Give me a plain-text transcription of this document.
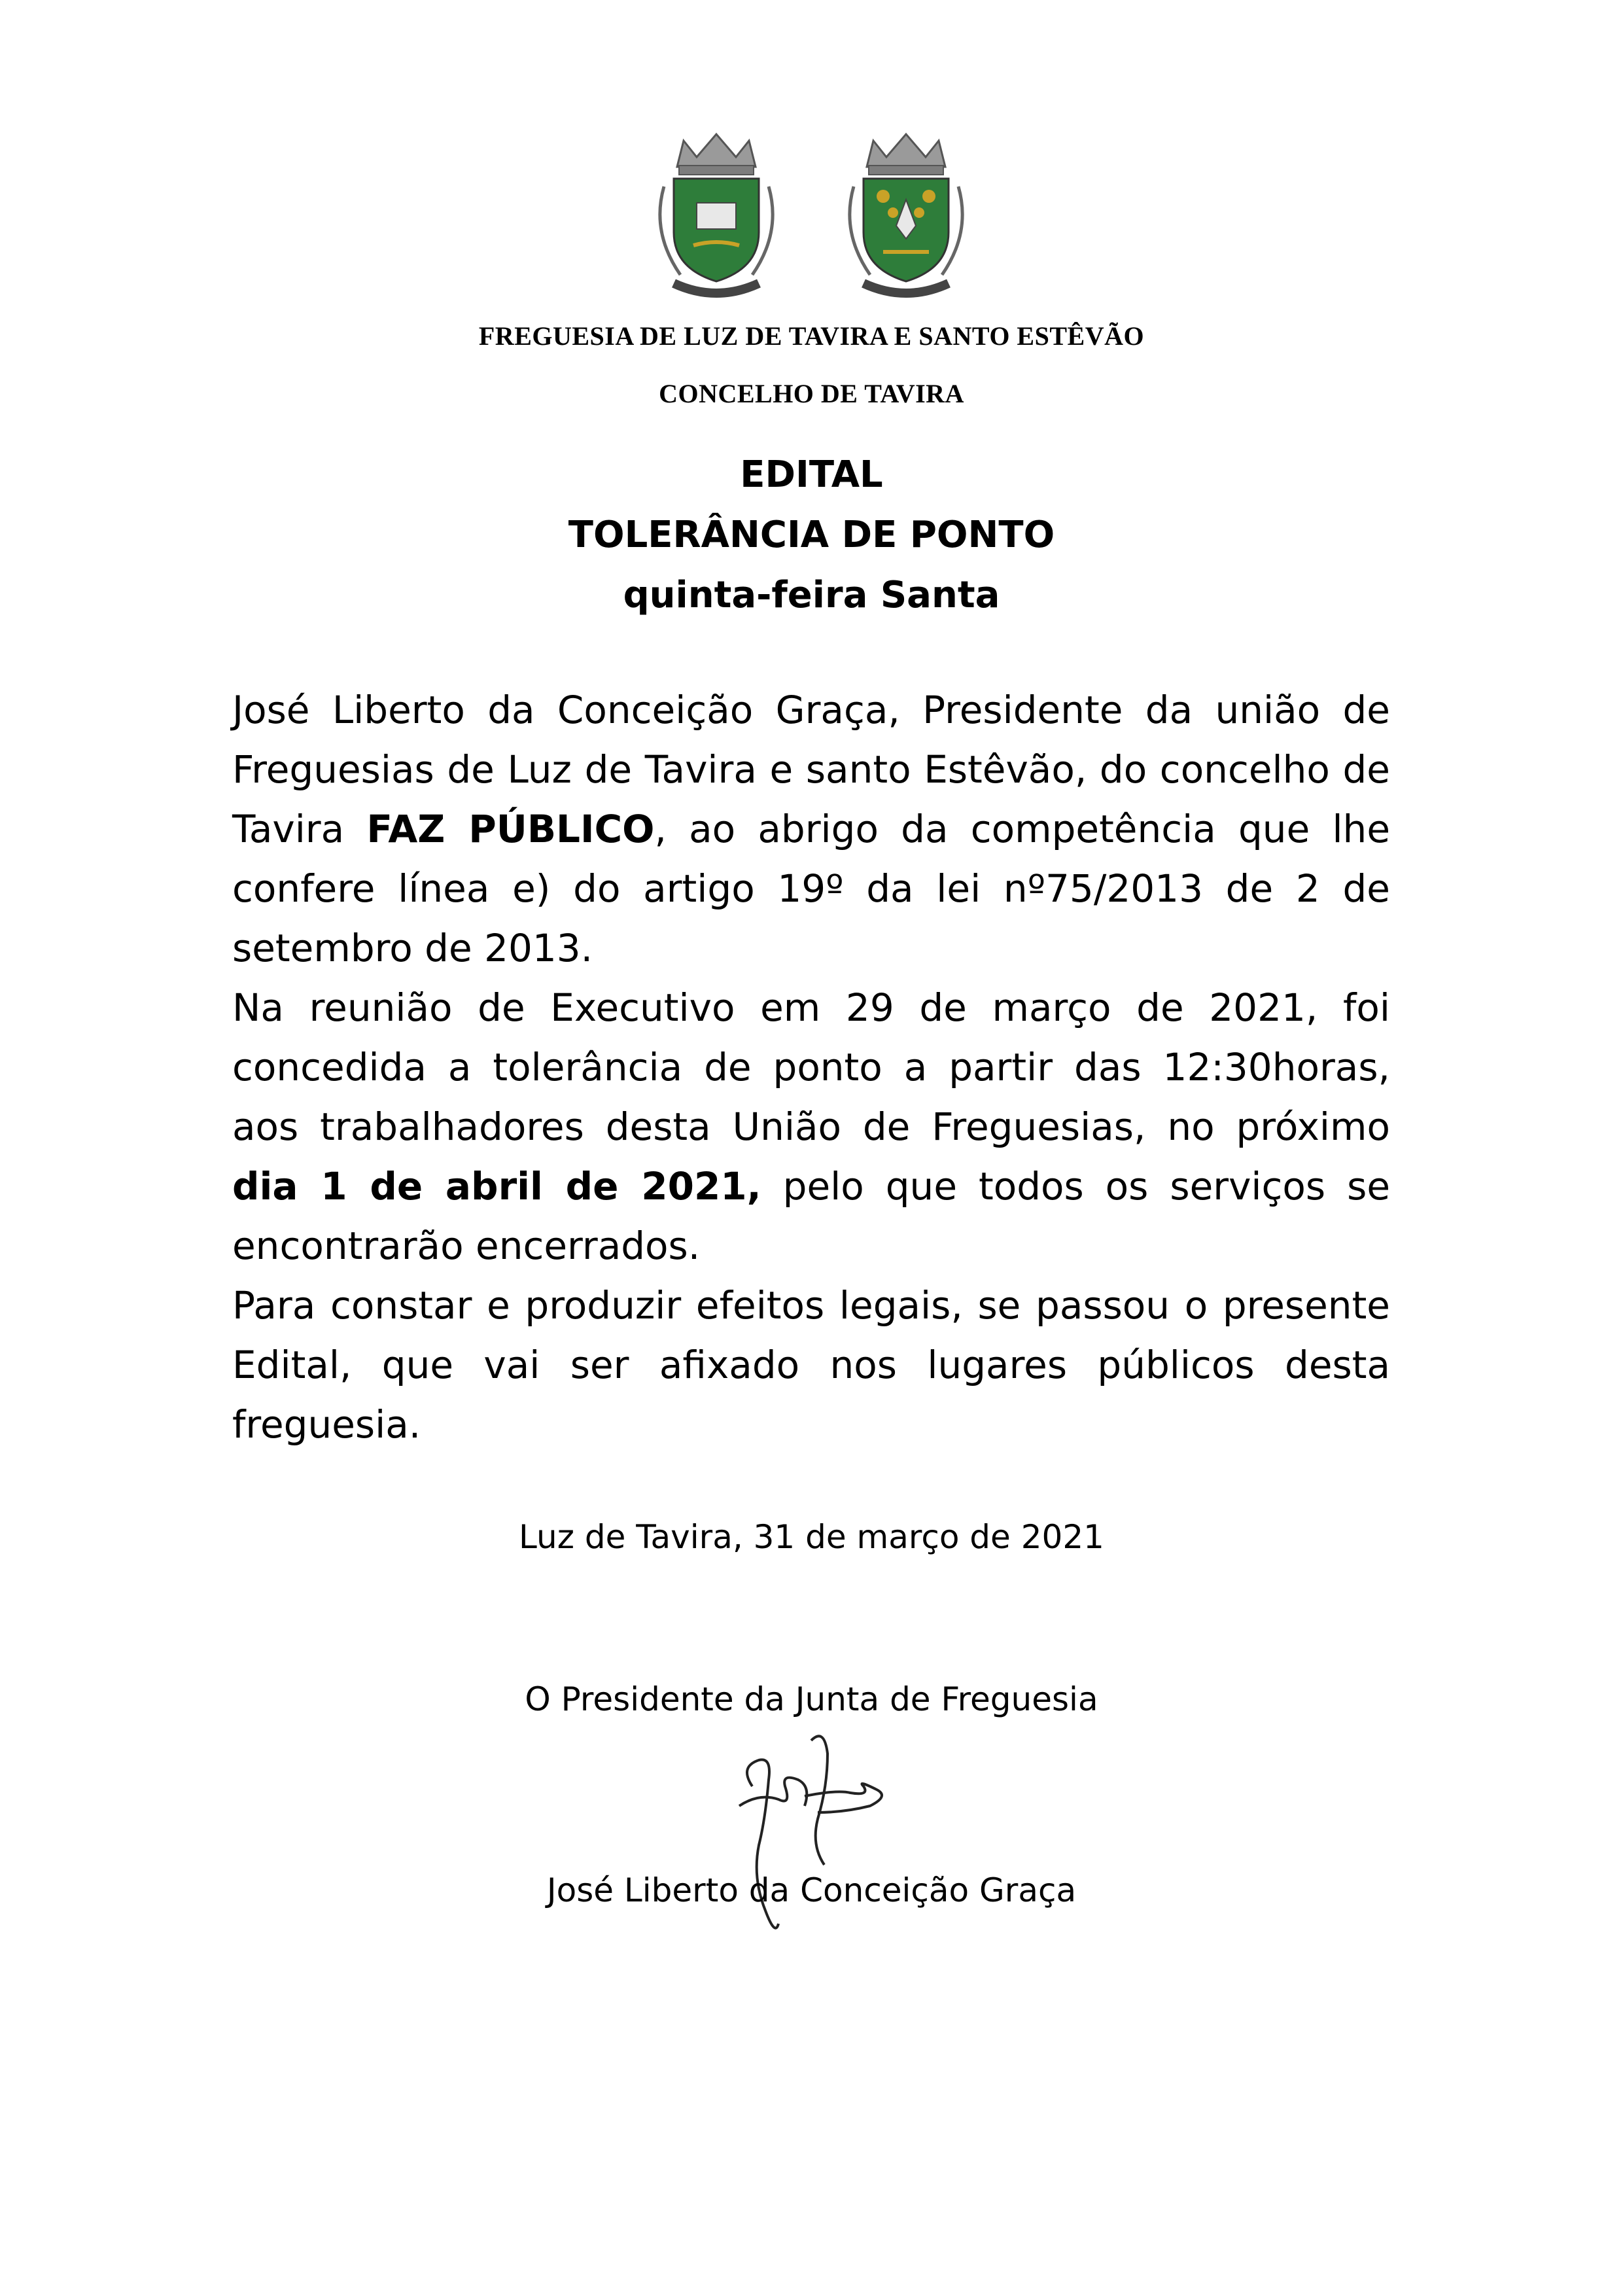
FREGUESIA DE LUZ DE TAVIRA E SANTO ESTÊVÃO
CONCELHO DE TAVIRA
EDITAL
TOLERÂNCIA DE PONTO
quinta-feira Santa

José Liberto da Conceição Graça, Presidente da união de Freguesias de Luz de Tavira e santo Estêvão, do concelho de Tavira FAZ PÚBLICO, ao abrigo da competência que lhe confere línea e) do artigo 19º da lei nº75/2013 de 2 de setembro de 2013.

Na reunião de Executivo em 29 de março de 2021, foi concedida a tolerância de ponto a partir das 12:30horas, aos trabalhadores desta União de Freguesias, no próximo dia 1 de abril de 2021, pelo que todos os serviços se encontrarão encerrados.

Para constar e produzir efeitos legais, se passou o presente Edital, que vai ser afixado nos lugares públicos desta freguesia.

Luz de Tavira, 31 de março de 2021
O Presidente da Junta de Freguesia
José Liberto da Conceição Graça
